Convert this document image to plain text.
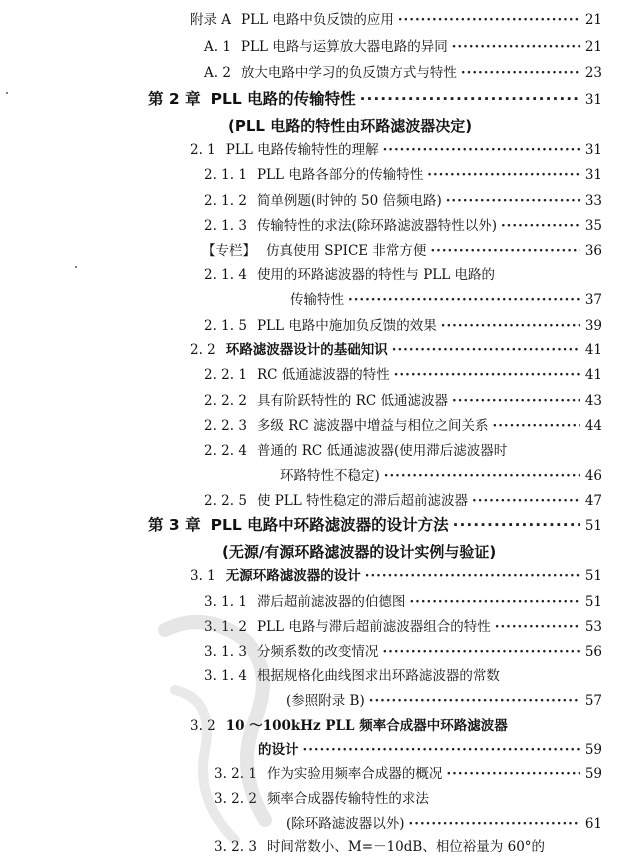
附录 A PLL 电路中负反馈的应用 ·····	21
A. 1 PLL 电路与运算放大器电路的异同 ·····	21
A. 2 放大电路中学习的负反馈方式与特性 ·····	23
第 2 章 PLL 电路的传输特性 ·····	31
(PLL 电路的特性由环路滤波器决定)
2. 1 PLL 电路传输特性的理解 ·····	31
2. 1. 1 PLL 电路各部分的传输特性 ·····	31
2. 1. 2 简单例题(时钟的 50 倍频电路) ·····	33
2. 1. 3 传输特性的求法(除环路滤波器特性以外) ·····	35
【专栏】 仿真使用 SPICE 非常方便 ·····	36
2. 1. 4 使用的环路滤波器的特性与 PLL 电路的
传输特性 ·····	37
2. 1. 5 PLL 电路中施加负反馈的效果 ·····	39
2. 2 环路滤波器设计的基础知识 ·····	41
2. 2. 1 RC 低通滤波器的特性 ·····	41
2. 2. 2 具有阶跃特性的 RC 低通滤波器 ·····	43
2. 2. 3 多级 RC 滤波器中增益与相位之间关系 ·····	44
2. 2. 4 普通的 RC 低通滤波器(使用滞后滤波器时
环路特性不稳定) ·····	46
2. 2. 5 使 PLL 特性稳定的滞后超前滤波器 ·····	47
第 3 章 PLL 电路中环路滤波器的设计方法 ·····	51
(无源/有源环路滤波器的设计实例与验证)
3. 1 无源环路滤波器的设计 ·····	51
3. 1. 1 滞后超前滤波器的伯德图 ·····	51
3. 1. 2 PLL 电路与滞后超前滤波器组合的特性 ·····	53
3. 1. 3 分频系数的改变情况 ·····	56
3. 1. 4 根据规格化曲线图求出环路滤波器的常数
(参照附录 B) ·····	57
3. 2 10 ～100kHz PLL 频率合成器中环路滤波器
的设计 ·····	59
3. 2. 1 作为实验用频率合成器的概况 ·····	59
3. 2. 2 频率合成器传输特性的求法
(除环路滤波器以外) ·····	61
3. 2. 3 时间常数小、M=－10dB、相位裕量为 60°的
